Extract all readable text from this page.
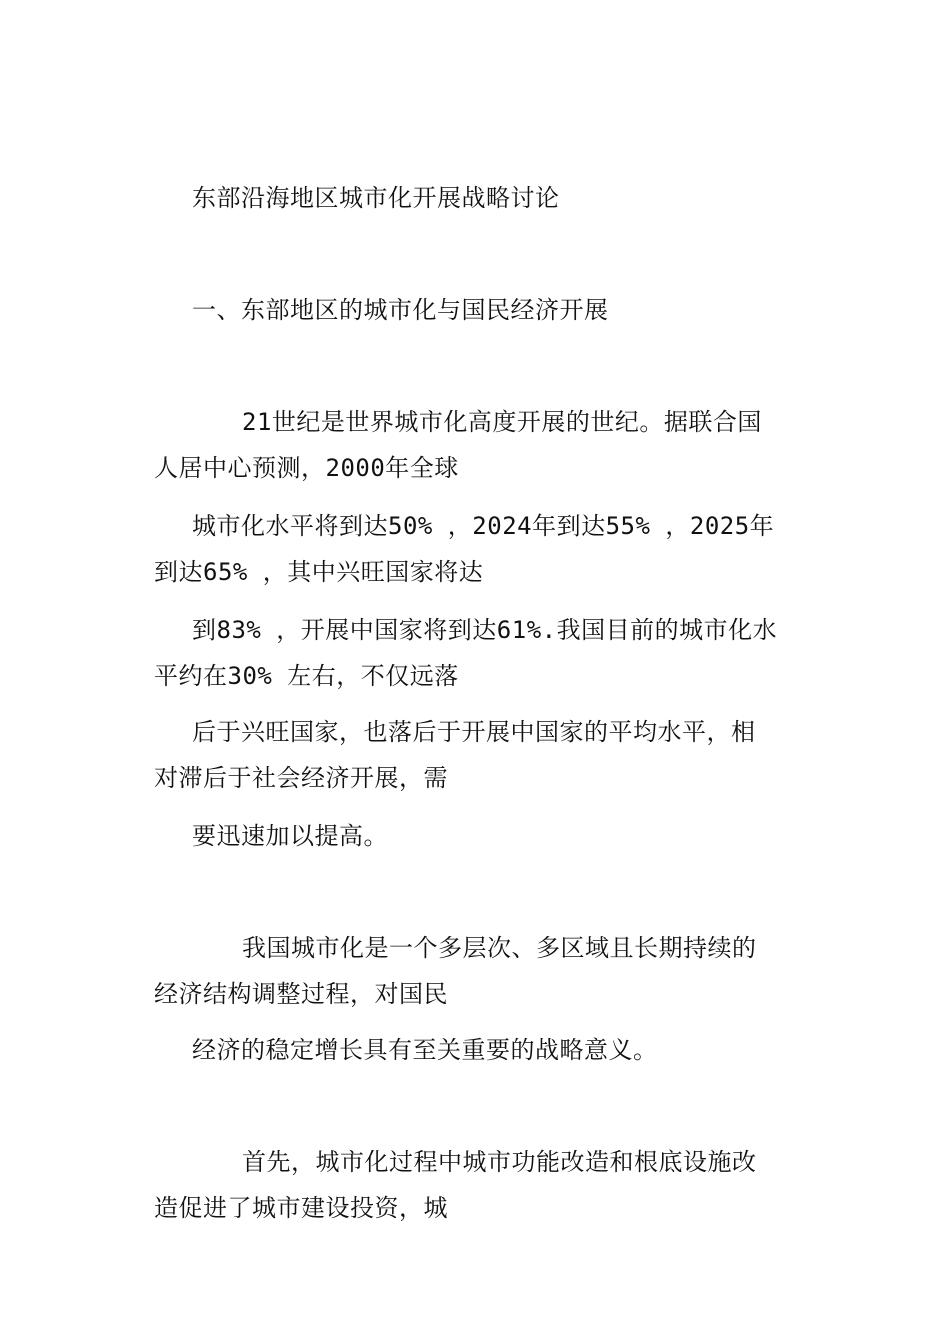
东部沿海地区城市化开展战略讨论
一、东部地区的城市化与国民经济开展
21世纪是世界城市化高度开展的世纪。据联合国
人居中心预测，2000年全球
城市化水平将到达50% ，2024年到达55% ，2025年
到达65% ，其中兴旺国家将达
到83% ，开展中国家将到达61%.我国目前的城市化水
平约在30% 左右，不仅远落
后于兴旺国家，也落后于开展中国家的平均水平，相
对滞后于社会经济开展，需
要迅速加以提高。
我国城市化是一个多层次、多区域且长期持续的
经济结构调整过程，对国民
经济的稳定增长具有至关重要的战略意义。
首先，城市化过程中城市功能改造和根底设施改
造促进了城市建设投资，城
